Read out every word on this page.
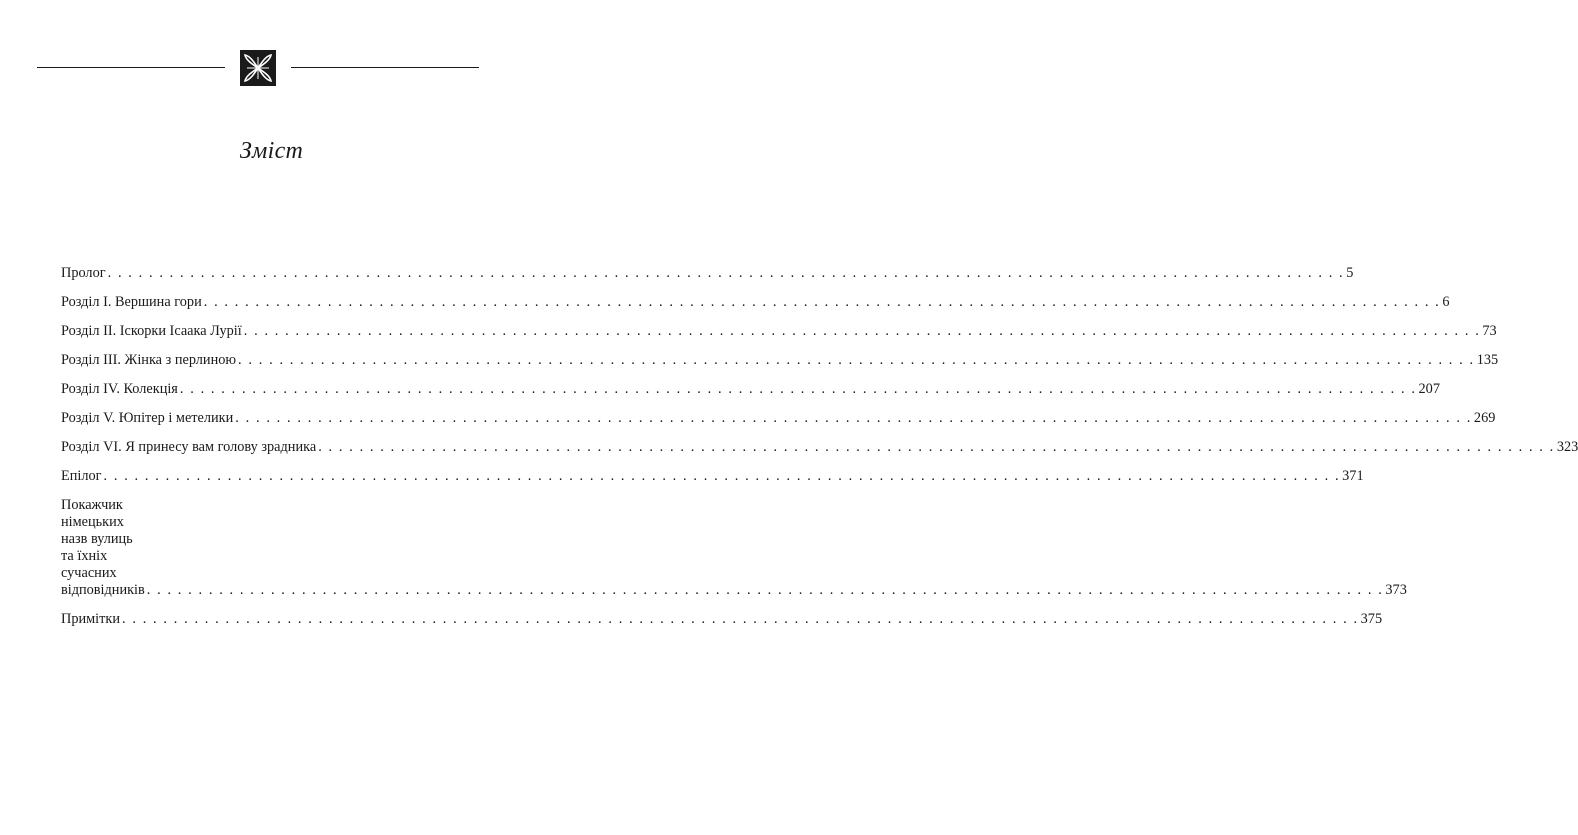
Зміст
Пролог . . . . . . . . . . . . . . . . . . . . . . . . . . . . . . . . . . . . . . . . . . . . . . . . . . . . . . . . . . . . . . . . . . . . . . . . . . . . . . . . . . . . . . . . . . . . . . . . . . . . . . . . . . . . . . . . . . . . . . . . 5
Розділ I. Вершина гори . . . . . . . . . . . . . . . . . . . . . . . . . . . . . . . . . . . . . . . . . . . . . . . . . . . . . . . . . . . . . . . . . . . . . . . . . . . . . . . . . . . . . . . . . . . . . . . . . . . . . . . . . . . . . . . . . . . . . . . . 6
Розділ II. Іскорки Ісаака Лурії . . . . . . . . . . . . . . . . . . . . . . . . . . . . . . . . . . . . . . . . . . . . . . . . . . . . . . . . . . . . . . . . . . . . . . . . . . . . . . . . . . . . . . . . . . . . . . . . . . . . . . . . . . . . . . . . . . . . . . . . 73
Розділ III. Жінка з перлиною . . . . . . . . . . . . . . . . . . . . . . . . . . . . . . . . . . . . . . . . . . . . . . . . . . . . . . . . . . . . . . . . . . . . . . . . . . . . . . . . . . . . . . . . . . . . . . . . . . . . . . . . . . . . . . . . . . . . . . . . 135
Розділ IV. Колекція . . . . . . . . . . . . . . . . . . . . . . . . . . . . . . . . . . . . . . . . . . . . . . . . . . . . . . . . . . . . . . . . . . . . . . . . . . . . . . . . . . . . . . . . . . . . . . . . . . . . . . . . . . . . . . . . . . . . . . . . 207
Розділ V. Юпітер і метелики . . . . . . . . . . . . . . . . . . . . . . . . . . . . . . . . . . . . . . . . . . . . . . . . . . . . . . . . . . . . . . . . . . . . . . . . . . . . . . . . . . . . . . . . . . . . . . . . . . . . . . . . . . . . . . . . . . . . . . . . 269
Розділ VI. Я принесу вам голову зрадника . . . . . . . . . . . . . . . . . . . . . . . . . . . . . . . . . . . . . . . . . . . . . . . . . . . . . . . . . . . . . . . . . . . . . . . . . . . . . . . . . . . . . . . . . . . . . . . . . . . . . . . . . . . . . . . . . . . . . . . . 323
Епілог . . . . . . . . . . . . . . . . . . . . . . . . . . . . . . . . . . . . . . . . . . . . . . . . . . . . . . . . . . . . . . . . . . . . . . . . . . . . . . . . . . . . . . . . . . . . . . . . . . . . . . . . . . . . . . . . . . . . . . . . 371
Покажчик німецьких назв вулиць
та їхніх сучасних відповідників . . . . . . . . . . . . . . . . . . . . . . . . . . . . . . . . . . . . . . . . . . . . . . . . . . . . . . . . . . . . . . . . . . . . . . . . . . . . . . . . . . . . . . . . . . . . . . . . . . . . . . . . . . . . . . . . . . . . . . . . 373
Примітки . . . . . . . . . . . . . . . . . . . . . . . . . . . . . . . . . . . . . . . . . . . . . . . . . . . . . . . . . . . . . . . . . . . . . . . . . . . . . . . . . . . . . . . . . . . . . . . . . . . . . . . . . . . . . . . . . . . . . . . . 375
